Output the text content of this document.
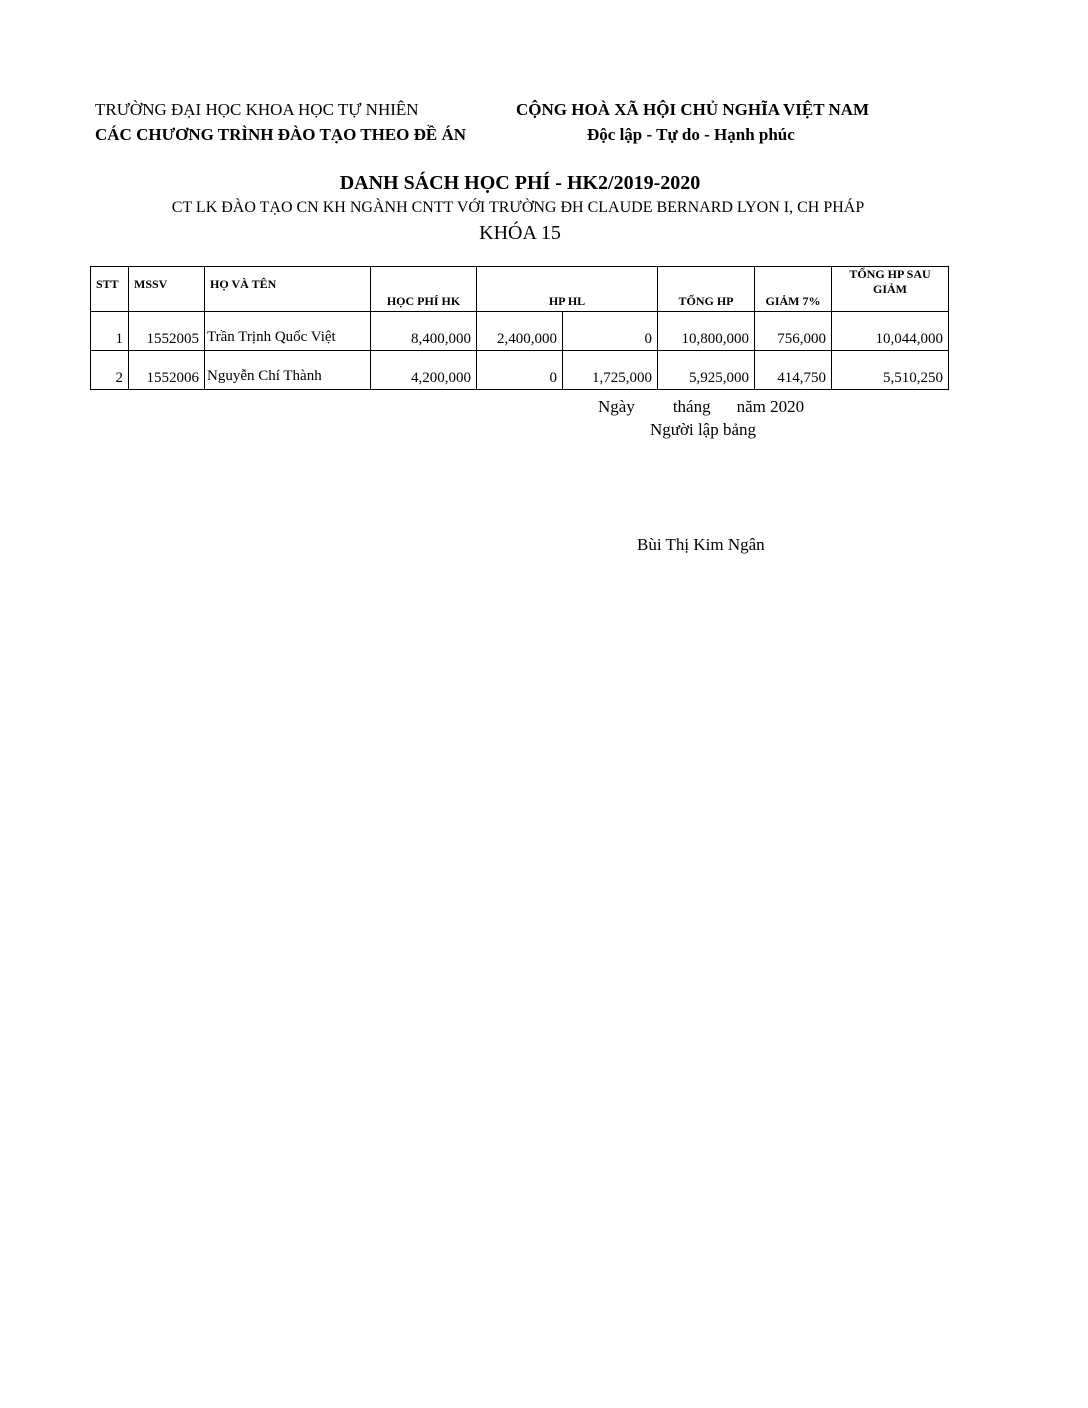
TRƯỜNG ĐẠI HỌC KHOA HỌC TỰ NHIÊN
CÁC CHƯƠNG TRÌNH ĐÀO TẠO THEO ĐỀ ÁN
CỘNG HOÀ XÃ HỘI CHỦ NGHĨA VIỆT NAM
Độc lập - Tự do - Hạnh phúc
DANH SÁCH HỌC PHÍ - HK2/2019-2020
CT LK ĐÀO TẠO CN KH NGÀNH CNTT VỚI TRƯỜNG ĐH CLAUDE BERNARD LYON I, CH PHÁP
KHÓA 15
STT	MSSV	HỌ VÀ TÊN	HỌC PHÍ HK	HP HL		TỔNG HP	GIẢM 7%	TỔNG HP SAU
GIẢM

1	1552005	Trần Trịnh Quốc Việt	8,400,000	2,400,000	0	10,800,000	756,000	10,044,000
2	1552006	Nguyễn Chí Thành	4,200,000	0	1,725,000	5,925,000	414,750	5,510,250
Ngày tháng năm 2020
Người lập bảng
Bùi Thị Kim Ngân
